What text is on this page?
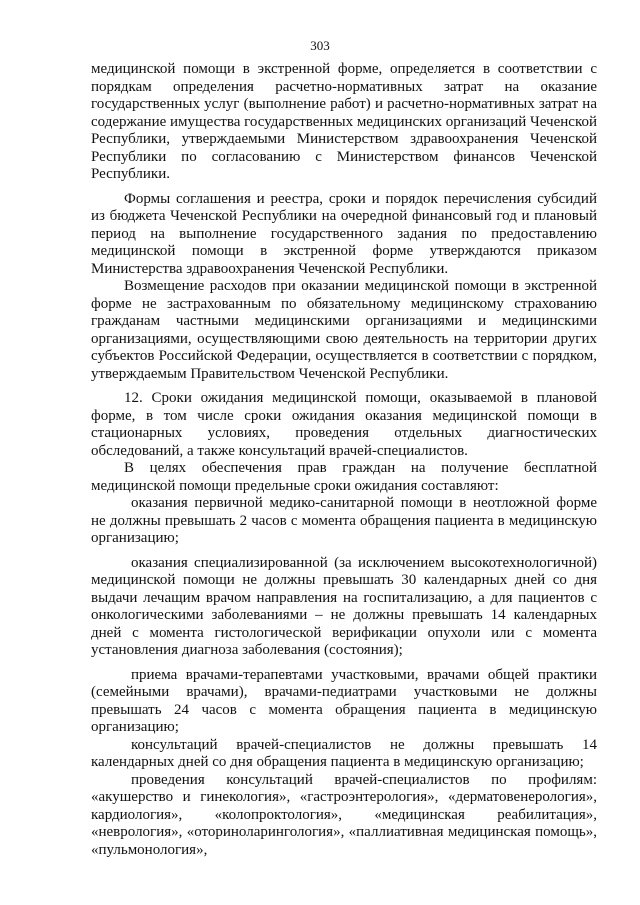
303

медицинской помощи в экстренной форме, определяется в соответствии с порядкам определения расчетно-нормативных затрат на оказание государственных услуг (выполнение работ) и расчетно-нормативных затрат на содержание имущества государственных медицинских организаций Чеченской Республики, утверждаемыми Министерством здравоохранения Чеченской Республики по согласованию с Министерством финансов Чеченской Республики.

Формы соглашения и реестра, сроки и порядок перечисления субсидий из бюджета Чеченской Республики на очередной финансовый год и плановый период на выполнение государственного задания по предоставлению медицинской помощи в экстренной форме утверждаются приказом Министерства здравоохранения Чеченской Республики.

Возмещение расходов при оказании медицинской помощи в экстренной форме не застрахованным по обязательному медицинскому страхованию гражданам частными медицинскими организациями и медицинскими организациями, осуществляющими свою деятельность на территории других субъектов Российской Федерации, осуществляется в соответствии с порядком, утверждаемым Правительством Чеченской Республики.

12. Сроки ожидания медицинской помощи, оказываемой в плановой форме, в том числе сроки ожидания оказания медицинской помощи в стационарных условиях, проведения отдельных диагностических обследований, а также консультаций врачей-специалистов.

В целях обеспечения прав граждан на получение бесплатной медицинской помощи предельные сроки ожидания составляют:

оказания первичной медико-санитарной помощи в неотложной форме не должны превышать 2 часов с момента обращения пациента в медицинскую организацию;

оказания специализированной (за исключением высокотехнологичной) медицинской помощи не должны превышать 30 календарных дней со дня выдачи лечащим врачом направления на госпитализацию, а для пациентов с онкологическими заболеваниями – не должны превышать 14 календарных дней с момента гистологической верификации опухоли или с момента установления диагноза заболевания (состояния);

приема врачами-терапевтами участковыми, врачами общей практики (семейными врачами), врачами-педиатрами участковыми не должны превышать 24 часов с момента обращения пациента в медицинскую организацию;

консультаций врачей-специалистов не должны превышать 14 календарных дней со дня обращения пациента в медицинскую организацию;

проведения консультаций врачей-специалистов по профилям: «акушерство и гинекология», «гастроэнтерология», «дерматовенерология», кардиология», «колопроктология», «медицинская реабилитация», «неврология», «оториноларингология», «паллиативная медицинская помощь», «пульмонология»,
